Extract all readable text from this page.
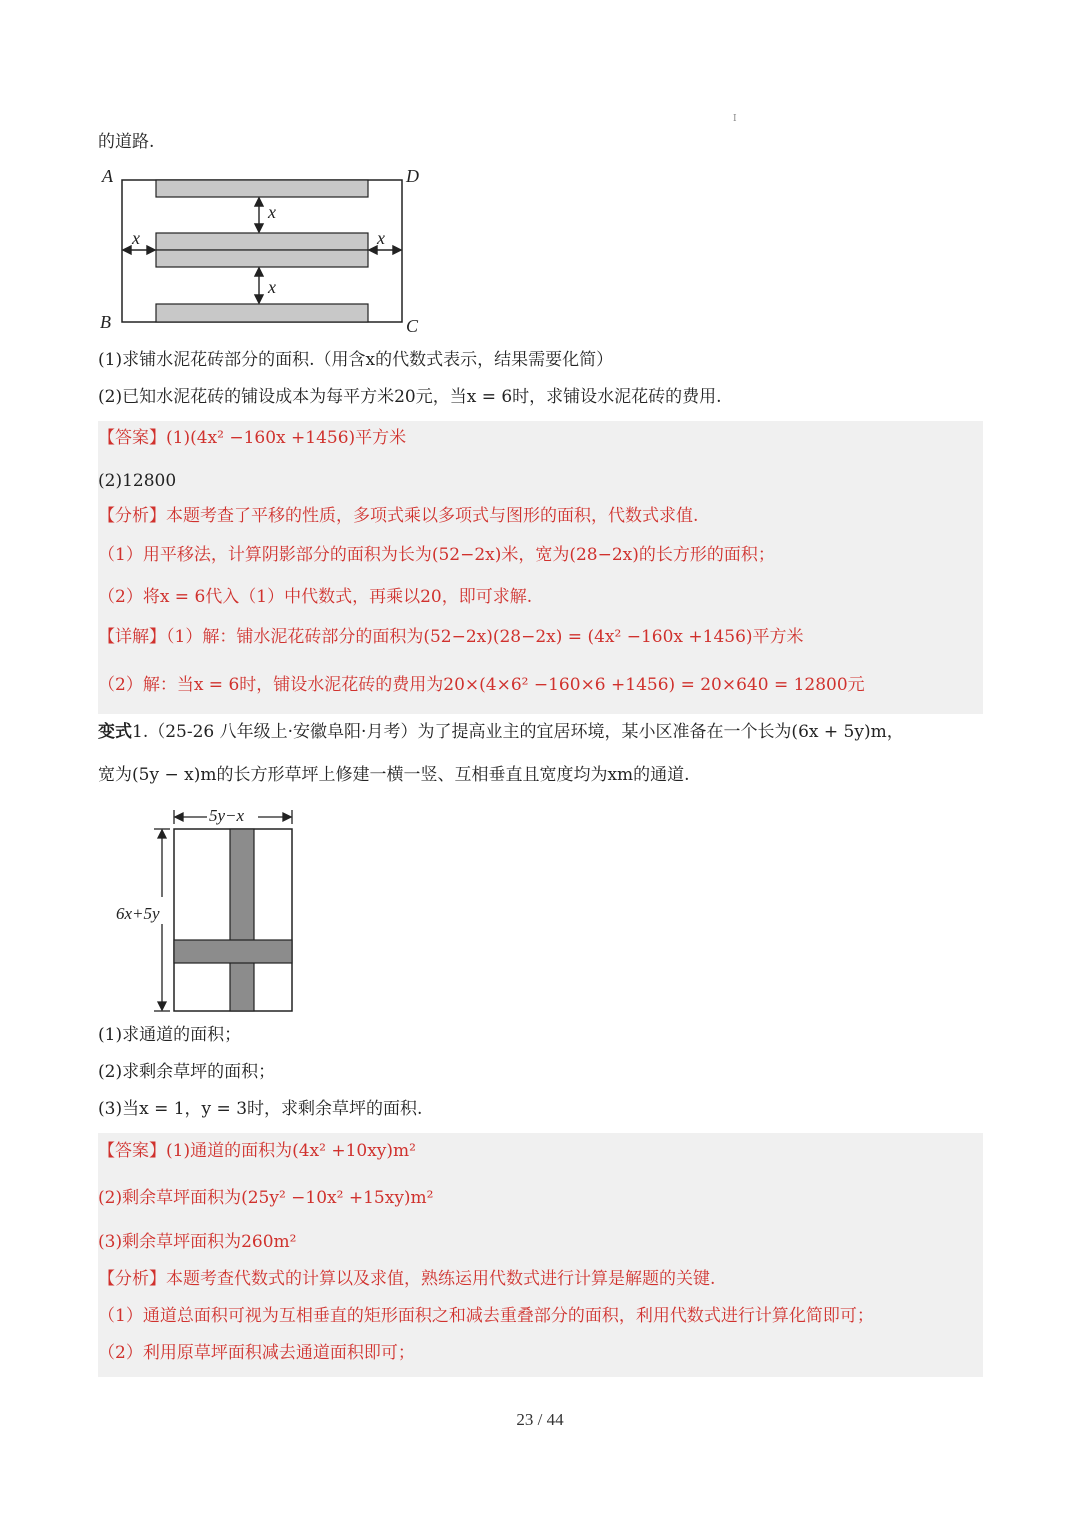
I
的道路.
A	D
B	C
x
x
x	x
(1)求铺水泥花砖部分的面积.（用含x的代数式表示，结果需要化简）
(2)已知水泥花砖的铺设成本为每平方米20元，当x = 6时，求铺设水泥花砖的费用.
【答案】(1)(4x² −160x +1456)平方米
(2)12800
【分析】本题考查了平移的性质，多项式乘以多项式与图形的面积，代数式求值.
（1）用平移法，计算阴影部分的面积为长为(52−2x)米，宽为(28−2x)的长方形的面积；
（2）将x = 6代入（1）中代数式，再乘以20，即可求解.
【详解】（1）解：铺水泥花砖部分的面积为(52−2x)(28−2x) = (4x² −160x +1456)平方米
（2）解：当x = 6时，铺设水泥花砖的费用为20×(4×6² −160×6 +1456) = 20×640 = 12800元
变式1.（25-26 八年级上·安徽阜阳·月考）为了提高业主的宜居环境，某小区准备在一个长为(6x + 5y)m，
宽为(5y − x)m的长方形草坪上修建一横一竖、互相垂直且宽度均为xm的通道.
5y−x
6x+5y
(1)求通道的面积；
(2)求剩余草坪的面积；
(3)当x = 1，y = 3时，求剩余草坪的面积.
【答案】(1)通道的面积为(4x² +10xy)m²
(2)剩余草坪面积为(25y² −10x² +15xy)m²
(3)剩余草坪面积为260m²
【分析】本题考查代数式的计算以及求值，熟练运用代数式进行计算是解题的关键.
（1）通道总面积可视为互相垂直的矩形面积之和减去重叠部分的面积，利用代数式进行计算化简即可；
（2）利用原草坪面积减去通道面积即可；
23 / 44
